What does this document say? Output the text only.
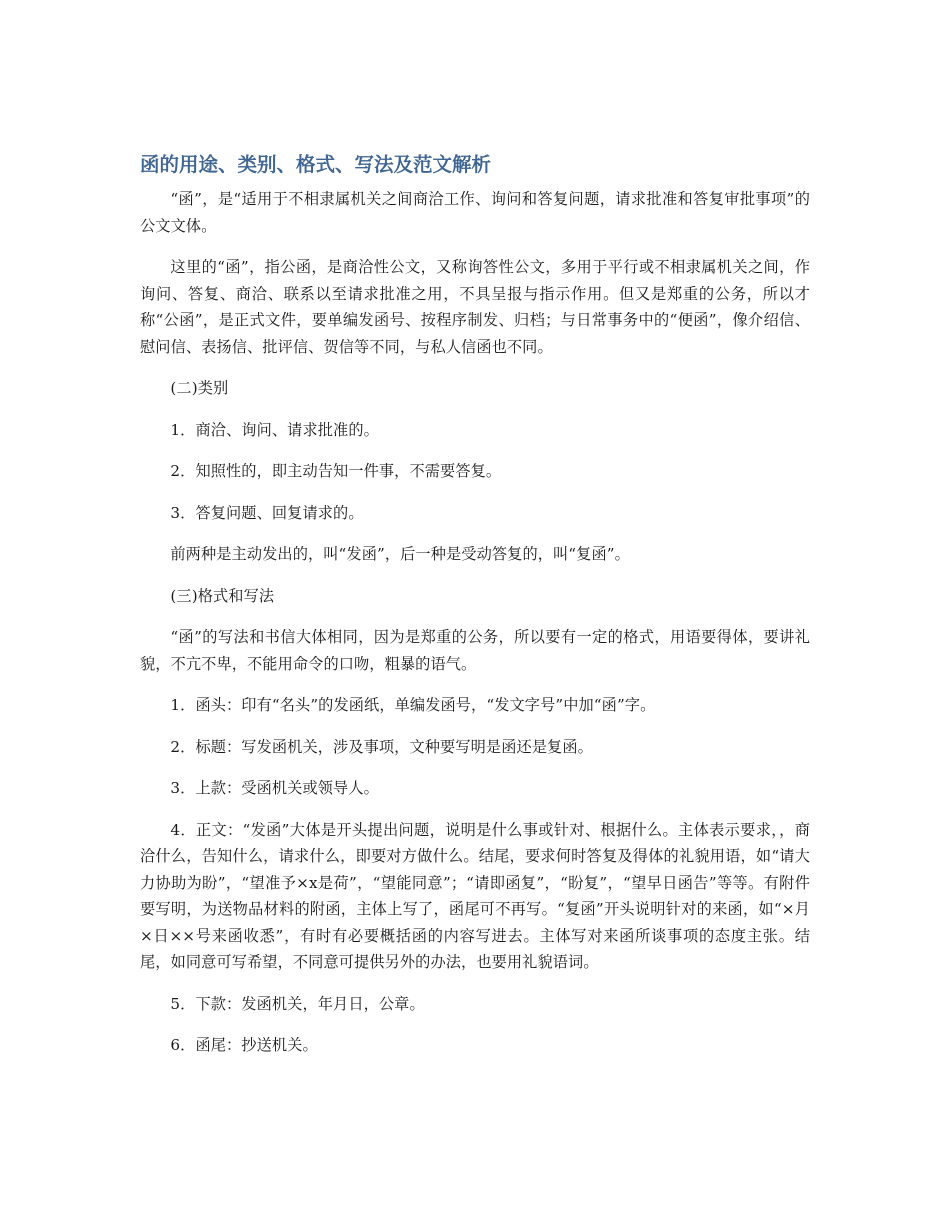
函的用途、类别、格式、写法及范文解析

“函”，是“适用于不相隶属机关之间商洽工作、询问和答复问题，请求批准和答复审批事项”的公文文体。

这里的“函”，指公函，是商洽性公文，又称询答性公文，多用于平行或不相隶属机关之间，作询问、答复、商洽、联系以至请求批准之用，不具呈报与指示作用。但又是郑重的公务，所以才称“公函”，是正式文件，要单编发函号、按程序制发、归档；与日常事务中的“便函”，像介绍信、慰问信、表扬信、批评信、贺信等不同，与私人信函也不同。

(二)类别

1．商洽、询问、请求批准的。

2．知照性的，即主动告知一件事，不需要答复。

3．答复问题、回复请求的。

前两种是主动发出的，叫“发函”，后一种是受动答复的，叫“复函”。

(三)格式和写法

“函”的写法和书信大体相同，因为是郑重的公务，所以要有一定的格式，用语要得体，要讲礼貌，不亢不卑，不能用命令的口吻，粗暴的语气。

1．函头：印有“名头”的发函纸，单编发函号，“发文字号”中加“函”字。

2．标题：写发函机关，涉及事项，文种要写明是函还是复函。

3．上款：受函机关或领导人。

4．正文：“发函”大体是开头提出问题，说明是什么事或针对、根据什么。主体表示要求，，商洽什么，告知什么，请求什么，即要对方做什么。结尾，要求何时答复及得体的礼貌用语，如“请大力协助为盼”，“望准予×x是荷”，“望能同意”；“请即函复”，“盼复”，“望早日函告”等等。有附件要写明，为送物品材料的附函，主体上写了，函尾可不再写。“复函”开头说明针对的来函，如“×月×日××号来函收悉”，有时有必要概括函的内容写进去。主体写对来函所谈事项的态度主张。结尾，如同意可写希望，不同意可提供另外的办法，也要用礼貌语词。

5．下款：发函机关，年月日，公章。

6．函尾：抄送机关。
